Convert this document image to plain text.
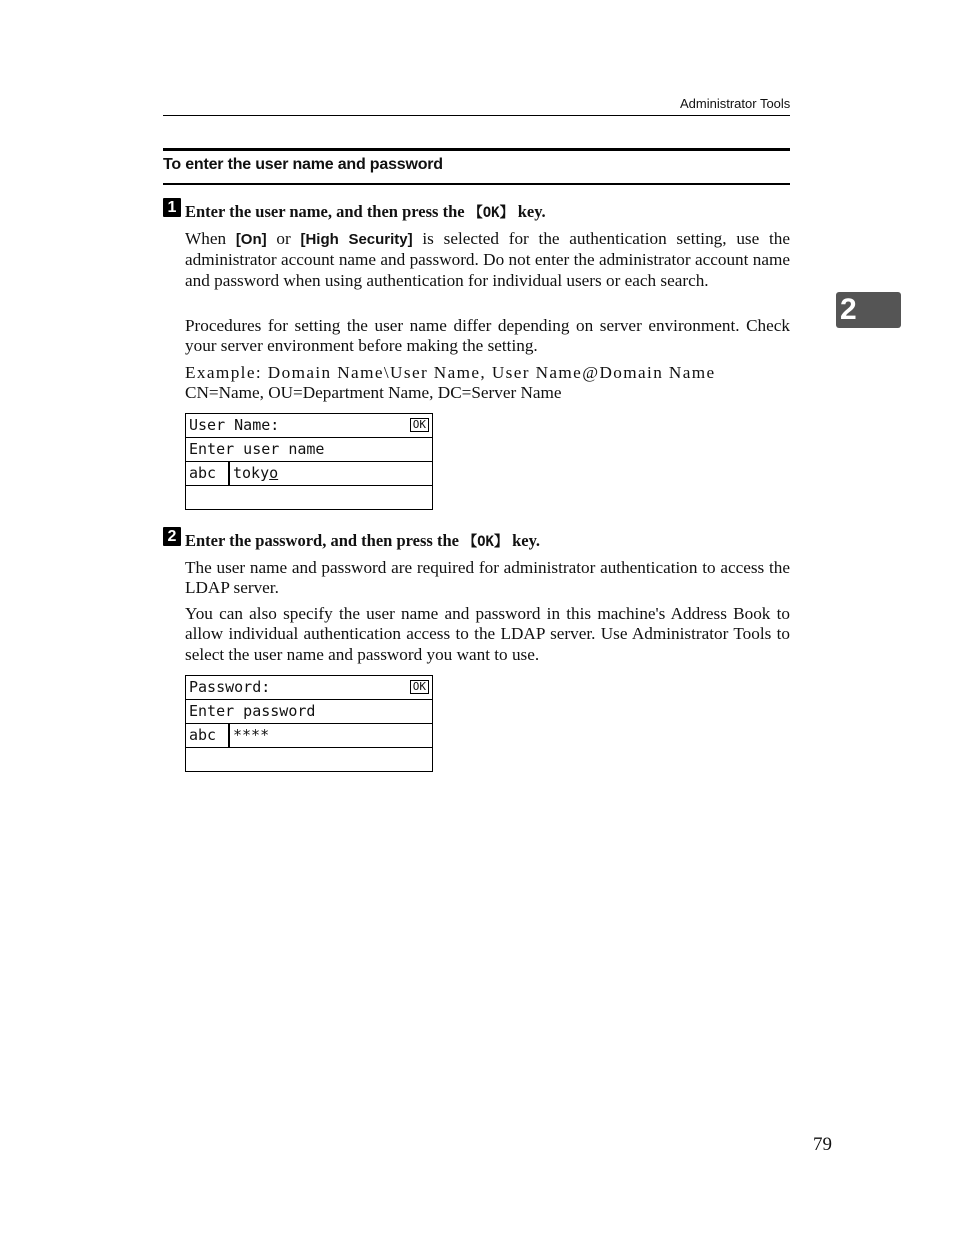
Administrator Tools
To enter the user name and password
1 Enter the user name, and then press the 【OK】 key.
When [On] or [High Security] is selected for the authentication setting, use the administrator account name and password. Do not enter the administrator account name and password when using authentication for individual users or each search.
Procedures for setting the user name differ depending on server environment. Check your server environment before making the setting.
Example: Domain Name\User Name, User Name@Domain Name
CN=Name, OU=Department Name, DC=Server Name
User Name:	OK
Enter user name
abc tokyo
2 Enter the password, and then press the 【OK】 key.
The user name and password are required for administrator authentication to access the LDAP server.
You can also specify the user name and password in this machine's Address Book to allow individual authentication access to the LDAP server. Use Administrator Tools to select the user name and password you want to use.
Password:	OK
Enter password
abc ****
2
79
